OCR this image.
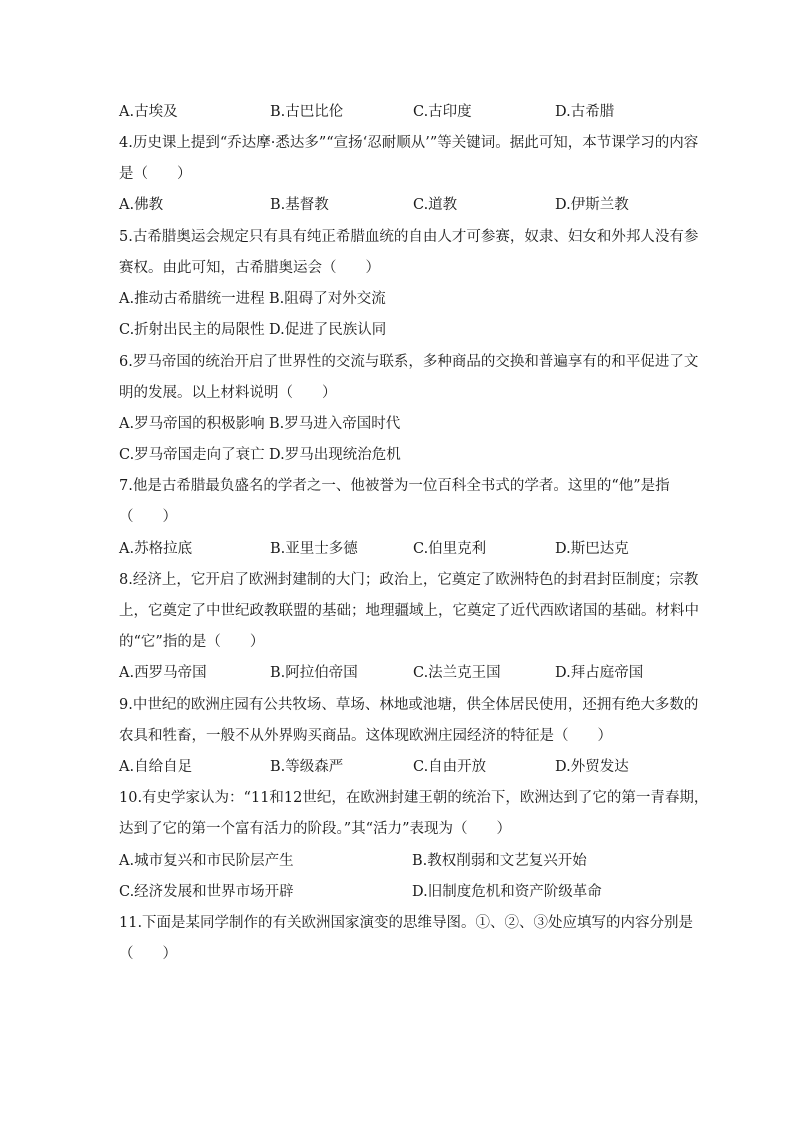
A.古埃及	B.古巴比伦	C.古印度	D.古希腊
4.历史课上提到“乔达摩·悉达多”“宣扬‘忍耐顺从’”等关键词。据此可知，本节课学习的内容
是（　　）
A.佛教	B.基督教	C.道教	D.伊斯兰教
5.古希腊奥运会规定只有具有纯正希腊血统的自由人才可参赛，奴隶、妇女和外邦人没有参
赛权。由此可知，古希腊奥运会（　　）
A.推动古希腊统一进程 B.阻碍了对外交流
C.折射出民主的局限性 D.促进了民族认同
6.罗马帝国的统治开启了世界性的交流与联系，多种商品的交换和普遍享有的和平促进了文
明的发展。以上材料说明（　　）
A.罗马帝国的积极影响 B.罗马进入帝国时代
C.罗马帝国走向了衰亡 D.罗马出现统治危机
7.他是古希腊最负盛名的学者之一、他被誉为一位百科全书式的学者。这里的“他”是指
（　　）
A.苏格拉底	B.亚里士多德	C.伯里克利	D.斯巴达克
8.经济上，它开启了欧洲封建制的大门；政治上，它奠定了欧洲特色的封君封臣制度；宗教
上，它奠定了中世纪政教联盟的基础；地理疆域上，它奠定了近代西欧诸国的基础。材料中
的“它”指的是（　　）
A.西罗马帝国	B.阿拉伯帝国	C.法兰克王国	D.拜占庭帝国
9.中世纪的欧洲庄园有公共牧场、草场、林地或池塘，供全体居民使用，还拥有绝大多数的
农具和牲畜，一般不从外界购买商品。这体现欧洲庄园经济的特征是（　　）
A.自给自足	B.等级森严	C.自由开放	D.外贸发达
10.有史学家认为：“11和12世纪，在欧洲封建王朝的统治下，欧洲达到了它的第一青春期，
达到了它的第一个富有活力的阶段。”其“活力”表现为（　　）
A.城市复兴和市民阶层产生	B.教权削弱和文艺复兴开始
C.经济发展和世界市场开辟	D.旧制度危机和资产阶级革命
11.下面是某同学制作的有关欧洲国家演变的思维导图。①、②、③处应填写的内容分别是
（　　）
